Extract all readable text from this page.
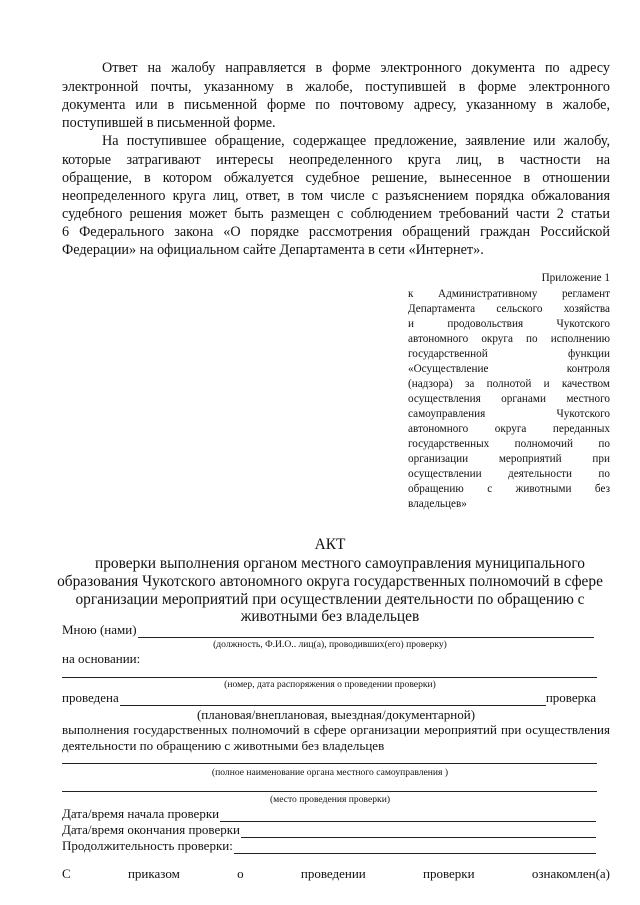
Ответ на жалобу направляется в форме электронного документа по адресу
электронной почты, указанному в жалобе, поступившей в форме электронного
документа или в письменной форме по почтовому адресу, указанному в жалобе,
поступившей в письменной форме.
На поступившее обращение, содержащее предложение, заявление или жалобу,
которые затрагивают интересы неопределенного круга лиц, в частности на
обращение, в котором обжалуется судебное решение, вынесенное в отношении
неопределенного круга лиц, ответ, в том числе с разъяснением порядка обжалования
судебного решения может быть размещен с соблюдением требований части 2 статьи
6 Федерального закона «О порядке рассмотрения обращений граждан Российской
Федерации» на официальном сайте Департамента в сети «Интернет».
Приложение 1
к Административному регламент
Департамента сельского хозяйства
и продовольствия Чукотского
автономного округа по исполнению
государственной функции
«Осуществление контроля
(надзора) за полнотой и качеством
осуществления органами местного
самоуправления Чукотского
автономного округа переданных
государственных полномочий по
организации мероприятий при
осуществлении деятельности по
обращению с животными без
владельцев»
АКТ
проверки выполнения органом местного самоуправления муниципального
образования Чукотского автономного округа государственных полномочий в сфере
организации мероприятий при осуществлении деятельности по обращению с
животными без владельцев
Мною (нами)
(должность, Ф.И.О.. лиц(а), проводивших(его) проверку)
на основании:
(номер, дата распоряжения о проведении проверки)
проведена	проверка
(плановая/внеплановая, выездная/документарной)
выполнения государственных полномочий в сфере организации мероприятий при осуществления
деятельности по обращению с животными без владельцев
(полное наименование органа местного самоуправления )
(место проведения проверки)
Дата/время начала проверки
Дата/время окончания проверки
Продолжительность проверки:
С	приказом	о	проведении	проверки	ознакомлен(а)
